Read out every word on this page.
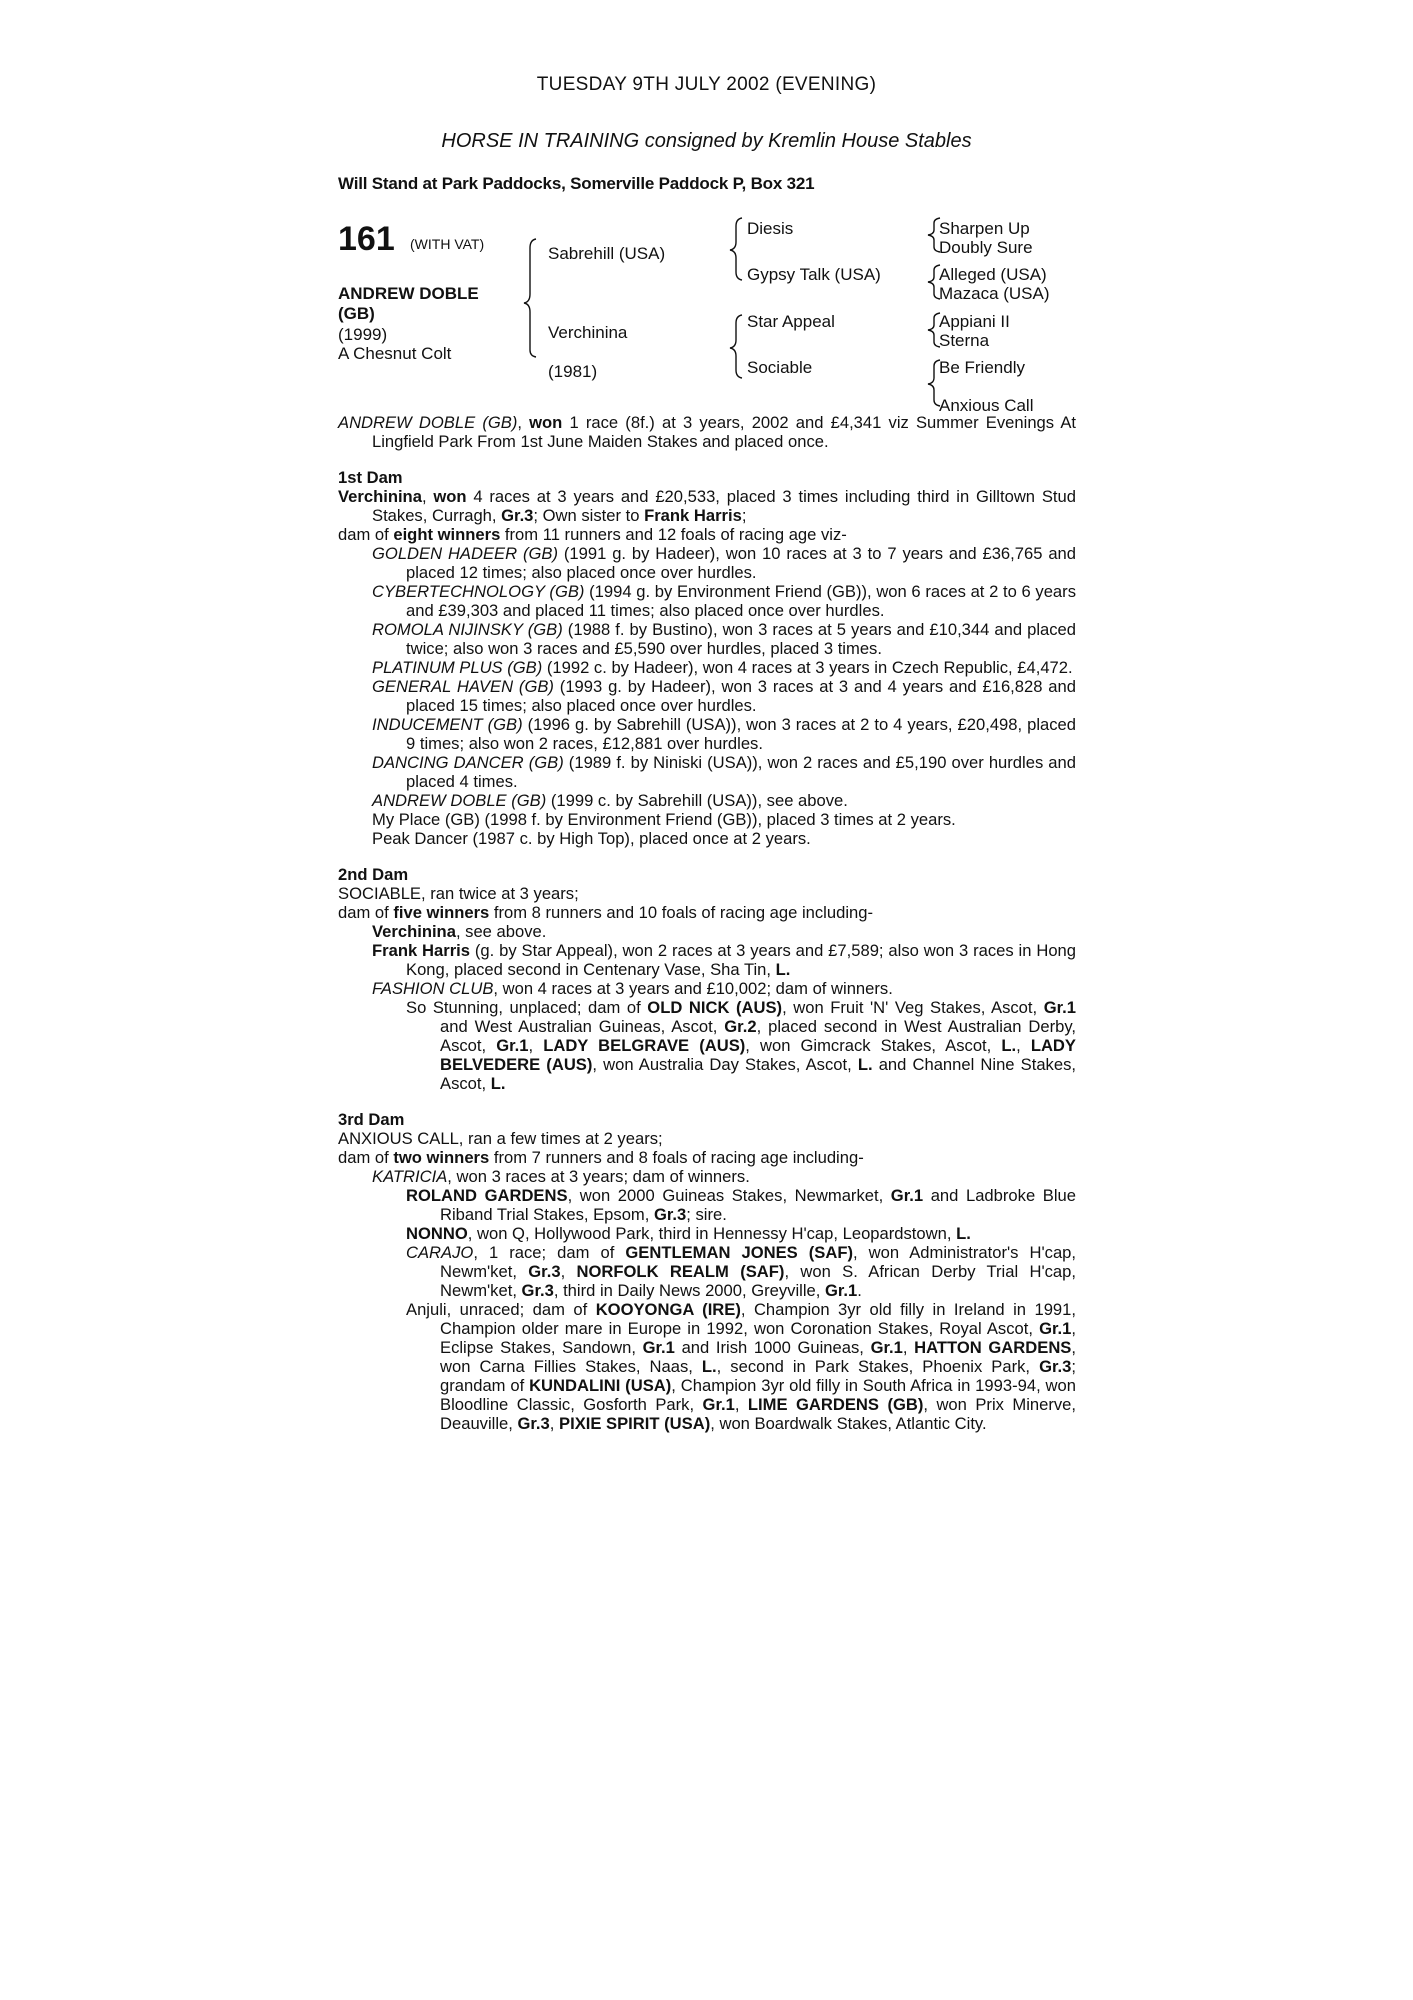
TUESDAY 9TH JULY 2002 (EVENING)
HORSE IN TRAINING consigned by Kremlin House Stables
Will Stand at Park Paddocks, Somerville Paddock P, Box 321
161 (WITH VAT)
ANDREW DOBLE (GB)
(1999)
A Chesnut Colt
Sabrehill (USA)
Verchinina
(1981)
Diesis
Gypsy Talk (USA)
Star Appeal
Sociable
Sharpen Up
Doubly Sure
Alleged (USA)
Mazaca (USA)
Appiani II
Sterna
Be Friendly
Anxious Call

ANDREW DOBLE (GB), won 1 race (8f.) at 3 years, 2002 and £4,341 viz Summer Evenings At Lingfield Park From 1st June Maiden Stakes and placed once.

1st Dam

Verchinina, won 4 races at 3 years and £20,533, placed 3 times including third in Gilltown Stud Stakes, Curragh, Gr.3; Own sister to Frank Harris;

dam of eight winners from 11 runners and 12 foals of racing age viz-

GOLDEN HADEER (GB) (1991 g. by Hadeer), won 10 races at 3 to 7 years and £36,765 and placed 12 times; also placed once over hurdles.

CYBERTECHNOLOGY (GB) (1994 g. by Environment Friend (GB)), won 6 races at 2 to 6 years and £39,303 and placed 11 times; also placed once over hurdles.

ROMOLA NIJINSKY (GB) (1988 f. by Bustino), won 3 races at 5 years and £10,344 and placed twice; also won 3 races and £5,590 over hurdles, placed 3 times.

PLATINUM PLUS (GB) (1992 c. by Hadeer), won 4 races at 3 years in Czech Republic, £4,472.

GENERAL HAVEN (GB) (1993 g. by Hadeer), won 3 races at 3 and 4 years and £16,828 and placed 15 times; also placed once over hurdles.

INDUCEMENT (GB) (1996 g. by Sabrehill (USA)), won 3 races at 2 to 4 years, £20,498, placed 9 times; also won 2 races, £12,881 over hurdles.

DANCING DANCER (GB) (1989 f. by Niniski (USA)), won 2 races and £5,190 over hurdles and placed 4 times.

ANDREW DOBLE (GB) (1999 c. by Sabrehill (USA)), see above.

My Place (GB) (1998 f. by Environment Friend (GB)), placed 3 times at 2 years.

Peak Dancer (1987 c. by High Top), placed once at 2 years.

2nd Dam

SOCIABLE, ran twice at 3 years;

dam of five winners from 8 runners and 10 foals of racing age including-

Verchinina, see above.

Frank Harris (g. by Star Appeal), won 2 races at 3 years and £7,589; also won 3 races in Hong Kong, placed second in Centenary Vase, Sha Tin, L.

FASHION CLUB, won 4 races at 3 years and £10,002; dam of winners.

So Stunning, unplaced; dam of OLD NICK (AUS), won Fruit 'N' Veg Stakes, Ascot, Gr.1 and West Australian Guineas, Ascot, Gr.2, placed second in West Australian Derby, Ascot, Gr.1, LADY BELGRAVE (AUS), won Gimcrack Stakes, Ascot, L., LADY BELVEDERE (AUS), won Australia Day Stakes, Ascot, L. and Channel Nine Stakes, Ascot, L.

3rd Dam

ANXIOUS CALL, ran a few times at 2 years;

dam of two winners from 7 runners and 8 foals of racing age including-

KATRICIA, won 3 races at 3 years; dam of winners.

ROLAND GARDENS, won 2000 Guineas Stakes, Newmarket, Gr.1 and Ladbroke Blue Riband Trial Stakes, Epsom, Gr.3; sire.

NONNO, won Q, Hollywood Park, third in Hennessy H'cap, Leopardstown, L.

CARAJO, 1 race; dam of GENTLEMAN JONES (SAF), won Administrator's H'cap, Newm'ket, Gr.3, NORFOLK REALM (SAF), won S. African Derby Trial H'cap, Newm'ket, Gr.3, third in Daily News 2000, Greyville, Gr.1.

Anjuli, unraced; dam of KOOYONGA (IRE), Champion 3yr old filly in Ireland in 1991, Champion older mare in Europe in 1992, won Coronation Stakes, Royal Ascot, Gr.1, Eclipse Stakes, Sandown, Gr.1 and Irish 1000 Guineas, Gr.1, HATTON GARDENS, won Carna Fillies Stakes, Naas, L., second in Park Stakes, Phoenix Park, Gr.3; grandam of KUNDALINI (USA), Champion 3yr old filly in South Africa in 1993-94, won Bloodline Classic, Gosforth Park, Gr.1, LIME GARDENS (GB), won Prix Minerve, Deauville, Gr.3, PIXIE SPIRIT (USA), won Boardwalk Stakes, Atlantic City.
